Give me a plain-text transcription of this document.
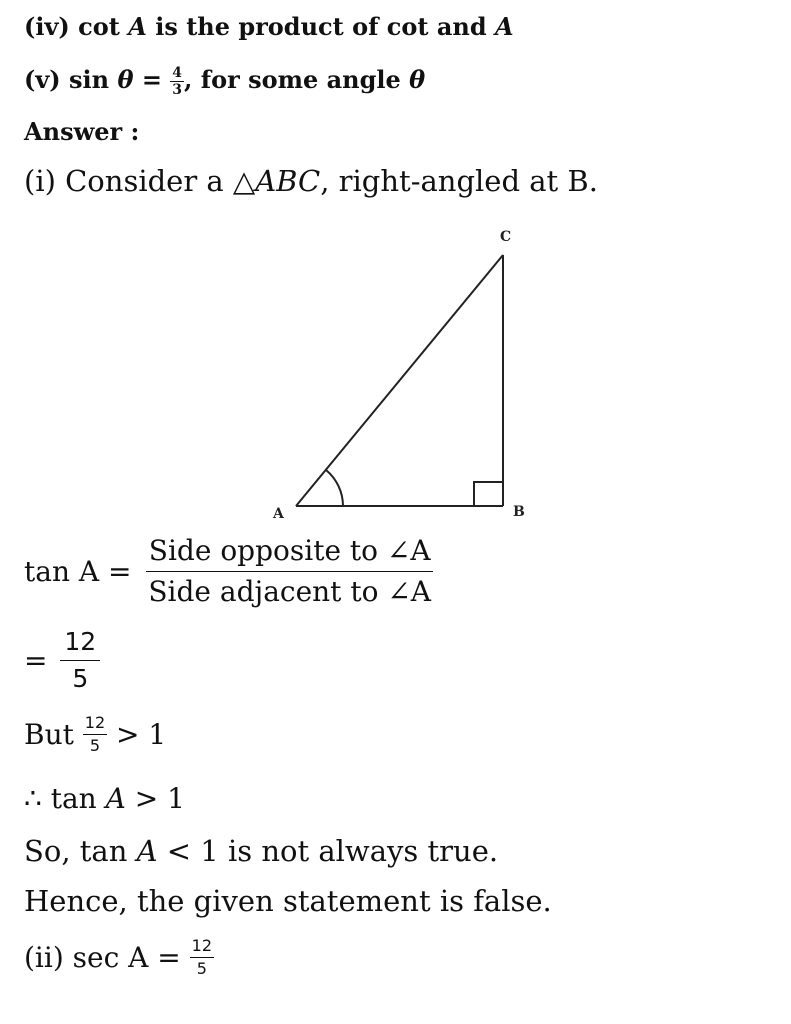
(iv) cot A is the product of cot and A
(v) $\sin \theta = \frac{4}{3}$ , for some angle θ
Answer :
(i) Consider a △ABC, right-angled at B.
A	B
C
$\tan A = \frac{\text{Side opposite to ∠A}}{\text{Side adjacent to ∠A}}$
= $\frac{12}{5}$
But $\frac{12}{5} > 1$
∴ tan A > 1
So, tan A < 1 is not always true.
Hence, the given statement is false.
(ii) $\sec A = \frac{12}{5}$
